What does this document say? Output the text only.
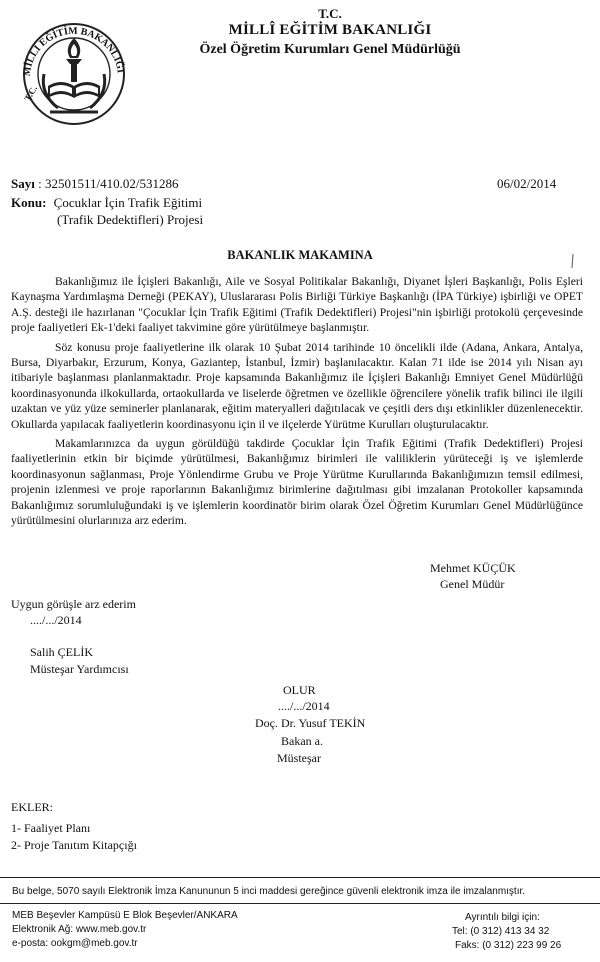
MİLLÎ EĞİTİM BAKANLIĞI
T.C.
T.C.
MİLLÎ EĞİTİM BAKANLIĞI
Özel Öğretim Kurumları Genel Müdürlüğü
Sayı : 32501511/410.02/531286	06/02/2014
Konu: Çocuklar İçin Trafik Eğitimi
(Trafik Dedektifleri) Projesi
BAKANLIK MAKAMINA

Bakanlığımız ile İçişleri Bakanlığı, Aile ve Sosyal Politikalar Bakanlığı, Diyanet İşleri Başkanlığı, Polis Eşleri Kaynaşma Yardımlaşma Derneği (PEKAY), Uluslararası Polis Birliği Türkiye Başkanlığı (İPA Türkiye) işbirliği ve OPET A.Ş. desteği ile hazırlanan "Çocuklar İçin Trafik Eğitimi (Trafik Dedektifleri) Projesi"nin işbirliği protokolü çerçevesinde proje faaliyetleri Ek-1'deki faaliyet takvimine göre yürütülmeye başlanmıştır.

Söz konusu proje faaliyetlerine ilk olarak 10 Şubat 2014 tarihinde 10 öncelikli ilde (Adana, Ankara, Antalya, Bursa, Diyarbakır, Erzurum, Konya, Gaziantep, İstanbul, İzmir) başlanılacaktır. Kalan 71 ilde ise 2014 yılı Nisan ayı itibariyle başlanması planlanmaktadır. Proje kapsamında Bakanlığımız ile İçişleri Bakanlığı Emniyet Genel Müdürlüğü koordinasyonunda ilkokullarda, ortaokullarda ve liselerde öğretmen ve özellikle öğrencilere yönelik trafik bilinci ile ilgili uzaktan ve yüz yüze seminerler planlanarak, eğitim materyalleri dağıtılacak ve çeşitli ders dışı etkinlikler düzenlenecektir. Okullarda yapılacak faaliyetlerin koordinasyonu için il ve ilçelerde Yürütme Kurulları oluşturulacaktır.

Makamlarınızca da uygun görüldüğü takdirde Çocuklar İçin Trafik Eğitimi (Trafik Dedektifleri) Projesi faaliyetlerinin etkin bir biçimde yürütülmesi, Bakanlığımız birimleri ile valiliklerin yürüteceği iş ve işlemlerde koordinasyonun sağlanması, Proje Yönlendirme Grubu ve Proje Yürütme Kurullarında Bakanlığımızın temsil edilmesi, projenin izlenmesi ve proje raporlarının Bakanlığımız birimlerine dağıtılması gibi imzalanan Protokoller kapsamında Bakanlığımız sorumluluğundaki iş ve işlemlerin koordinatör birim olarak Özel Öğretim Kurumları Genel Müdürlüğünce yürütülmesini olurlarınıza arz ederim.

Mehmet KÜÇÜK
Genel Müdür
Uygun görüşle arz ederim
..../.../2014
Salih ÇELİK
Müsteşar Yardımcısı
OLUR
..../.../2014
Doç. Dr. Yusuf TEKİN
Bakan a.
Müsteşar
EKLER:
1- Faaliyet Planı
2- Proje Tanıtım Kitapçığı
Bu belge, 5070 sayılı Elektronik İmza Kanununun 5 inci maddesi gereğince güvenli elektronik imza ile imzalanmıştır.
MEB Beşevler Kampüsü E Blok Beşevler/ANKARA
Elektronik Ağ: www.meb.gov.tr
e-posta: ookgm@meb.gov.tr
Ayrıntılı bilgi için:
Tel: (0 312) 413 34 32
Faks: (0 312) 223 99 26
